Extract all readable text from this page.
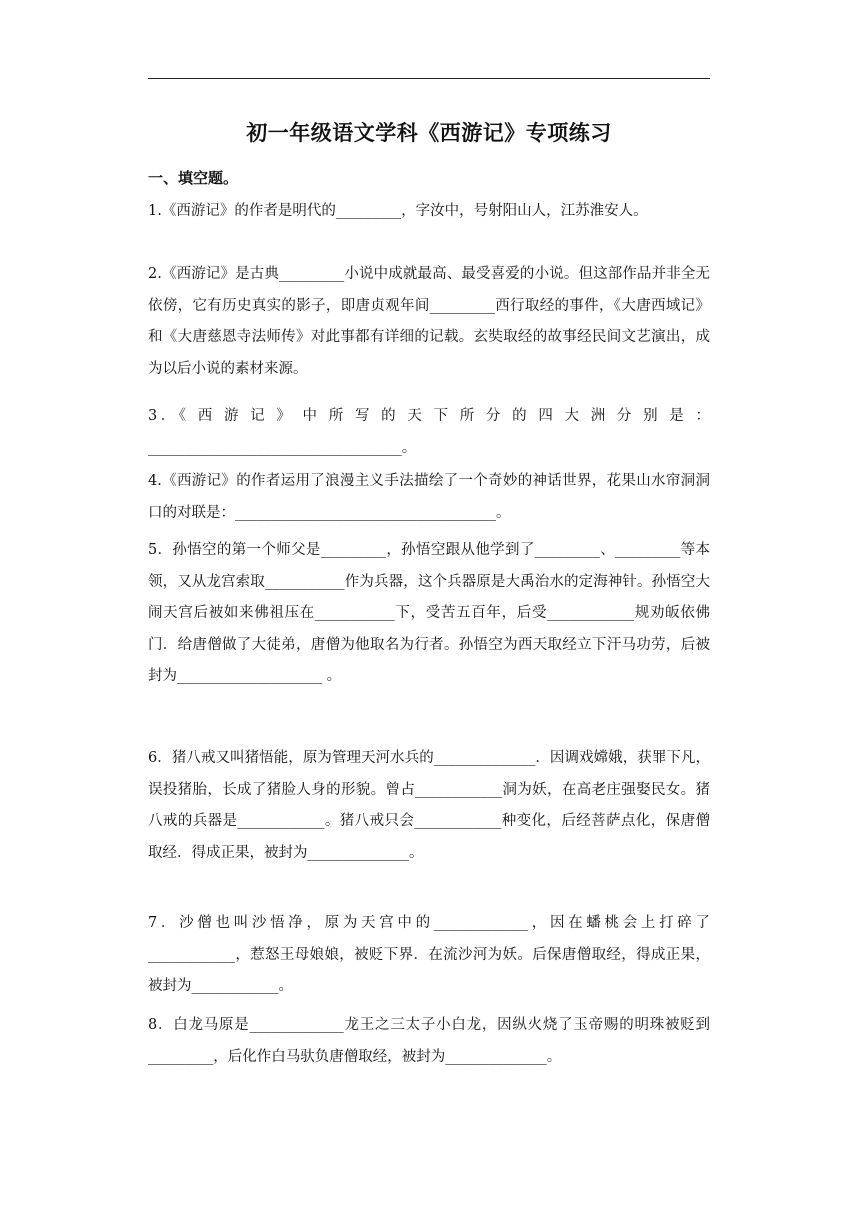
初一年级语文学科《西游记》专项练习
一、填空题。

1.《西游记》的作者是明代的_________，字汝中，号射阳山人，江苏淮安人。

2.《西游记》是古典_________小说中成就最高、最受喜爱的小说。但这部作品并非全无依傍，它有历史真实的影子，即唐贞观年间_________西行取经的事件，《大唐西域记》和《大唐慈恩寺法师传》对此事都有详细的记载。玄奘取经的故事经民间文艺演出，成为以后小说的素材来源。

3．《 西 游 记 》 中 所 写 的 天 下 所 分 的 四 大 洲 分 别 是 ：___________________________________。

4.《西游记》的作者运用了浪漫主义手法描绘了一个奇妙的神话世界，花果山水帘洞洞口的对联是：____________________________________。

5．孙悟空的第一个师父是_________，孙悟空跟从他学到了_________、_________等本领，又从龙宫索取___________作为兵器，这个兵器原是大禹治水的定海神针。孙悟空大闹天宫后被如来佛祖压在___________下，受苦五百年，后受____________规劝皈依佛门．给唐僧做了大徒弟，唐僧为他取名为行者。孙悟空为西天取经立下汗马功劳，后被封为____________________ 。

6．猪八戒又叫猪悟能，原为管理天河水兵的______________．因调戏嫦娥，获罪下凡，误投猪胎，长成了猪脸人身的形貌。曾占____________洞为妖，在高老庄强娶民女。猪八戒的兵器是____________。猪八戒只会____________种变化，后经菩萨点化，保唐僧取经．得成正果，被封为______________。

7．沙僧也叫沙悟净，原为天宫中的_____________，因在蟠桃会上打碎了____________，惹怒王母娘娘，被贬下界．在流沙河为妖。后保唐僧取经，得成正果，被封为____________。

8．白龙马原是_____________龙王之三太子小白龙，因纵火烧了玉帝赐的明珠被贬到_________，后化作白马驮负唐僧取经，被封为______________。
